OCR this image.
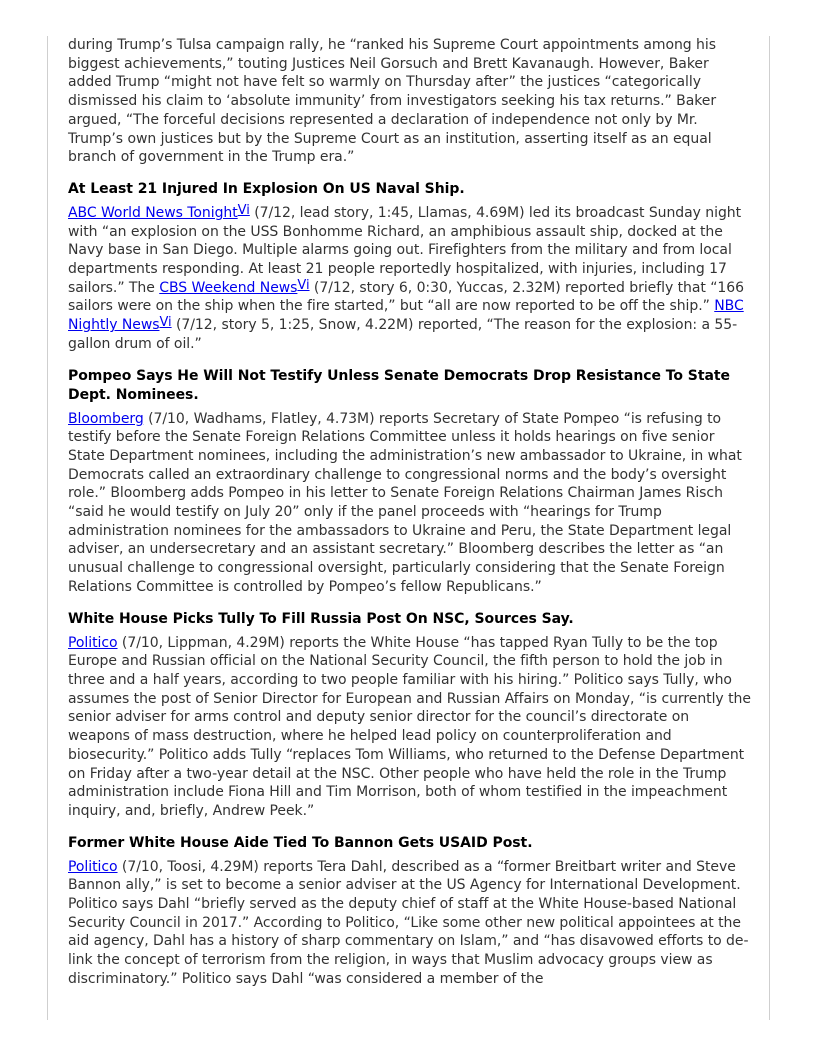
during Trump’s Tulsa campaign rally, he “ranked his Supreme Court appointments among his biggest achievements,” touting Justices Neil Gorsuch and Brett Kavanaugh. However, Baker added Trump “might not have felt so warmly on Thursday after” the justices “categorically dismissed his claim to ‘absolute immunity’ from investigators seeking his tax returns.” Baker argued, “The forceful decisions represented a declaration of independence not only by Mr. Trump’s own justices but by the Supreme Court as an institution, asserting itself as an equal branch of government in the Trump era.”

At Least 21 Injured In Explosion On US Naval Ship.

ABC World News TonightVi (7/12, lead story, 1:45, Llamas, 4.69M) led its broadcast Sunday night with “an explosion on the USS Bonhomme Richard, an amphibious assault ship, docked at the Navy base in San Diego. Multiple alarms going out. Firefighters from the military and from local departments responding. At least 21 people reportedly hospitalized, with injuries, including 17 sailors.” The CBS Weekend NewsVi (7/12, story 6, 0:30, Yuccas, 2.32M) reported briefly that “166 sailors were on the ship when the fire started,” but “all are now reported to be off the ship.” NBC Nightly NewsVi (7/12, story 5, 1:25, Snow, 4.22M) reported, “The reason for the explosion: a 55-gallon drum of oil.”

Pompeo Says He Will Not Testify Unless Senate Democrats Drop Resistance To State Dept. Nominees.

Bloomberg (7/10, Wadhams, Flatley, 4.73M) reports Secretary of State Pompeo “is refusing to testify before the Senate Foreign Relations Committee unless it holds hearings on five senior State Department nominees, including the administration’s new ambassador to Ukraine, in what Democrats called an extraordinary challenge to congressional norms and the body’s oversight role.” Bloomberg adds Pompeo in his letter to Senate Foreign Relations Chairman James Risch “said he would testify on July 20” only if the panel proceeds with “hearings for Trump administration nominees for the ambassadors to Ukraine and Peru, the State Department legal adviser, an undersecretary and an assistant secretary.” Bloomberg describes the letter as “an unusual challenge to congressional oversight, particularly considering that the Senate Foreign Relations Committee is controlled by Pompeo’s fellow Republicans.”

White House Picks Tully To Fill Russia Post On NSC, Sources Say.

Politico (7/10, Lippman, 4.29M) reports the White House “has tapped Ryan Tully to be the top Europe and Russian official on the National Security Council, the fifth person to hold the job in three and a half years, according to two people familiar with his hiring.” Politico says Tully, who assumes the post of Senior Director for European and Russian Affairs on Monday, “is currently the senior adviser for arms control and deputy senior director for the council’s directorate on weapons of mass destruction, where he helped lead policy on counterproliferation and biosecurity.” Politico adds Tully “replaces Tom Williams, who returned to the Defense Department on Friday after a two-year detail at the NSC. Other people who have held the role in the Trump administration include Fiona Hill and Tim Morrison, both of whom testified in the impeachment inquiry, and, briefly, Andrew Peek.”

Former White House Aide Tied To Bannon Gets USAID Post.

Politico (7/10, Toosi, 4.29M) reports Tera Dahl, described as a “former Breitbart writer and Steve Bannon ally,” is set to become a senior adviser at the US Agency for International Development. Politico says Dahl “briefly served as the deputy chief of staff at the White House-based National Security Council in 2017.” According to Politico, “Like some other new political appointees at the aid agency, Dahl has a history of sharp commentary on Islam,” and “has disavowed efforts to de-link the concept of terrorism from the religion, in ways that Muslim advocacy groups view as discriminatory.” Politico says Dahl “was considered a member of the
